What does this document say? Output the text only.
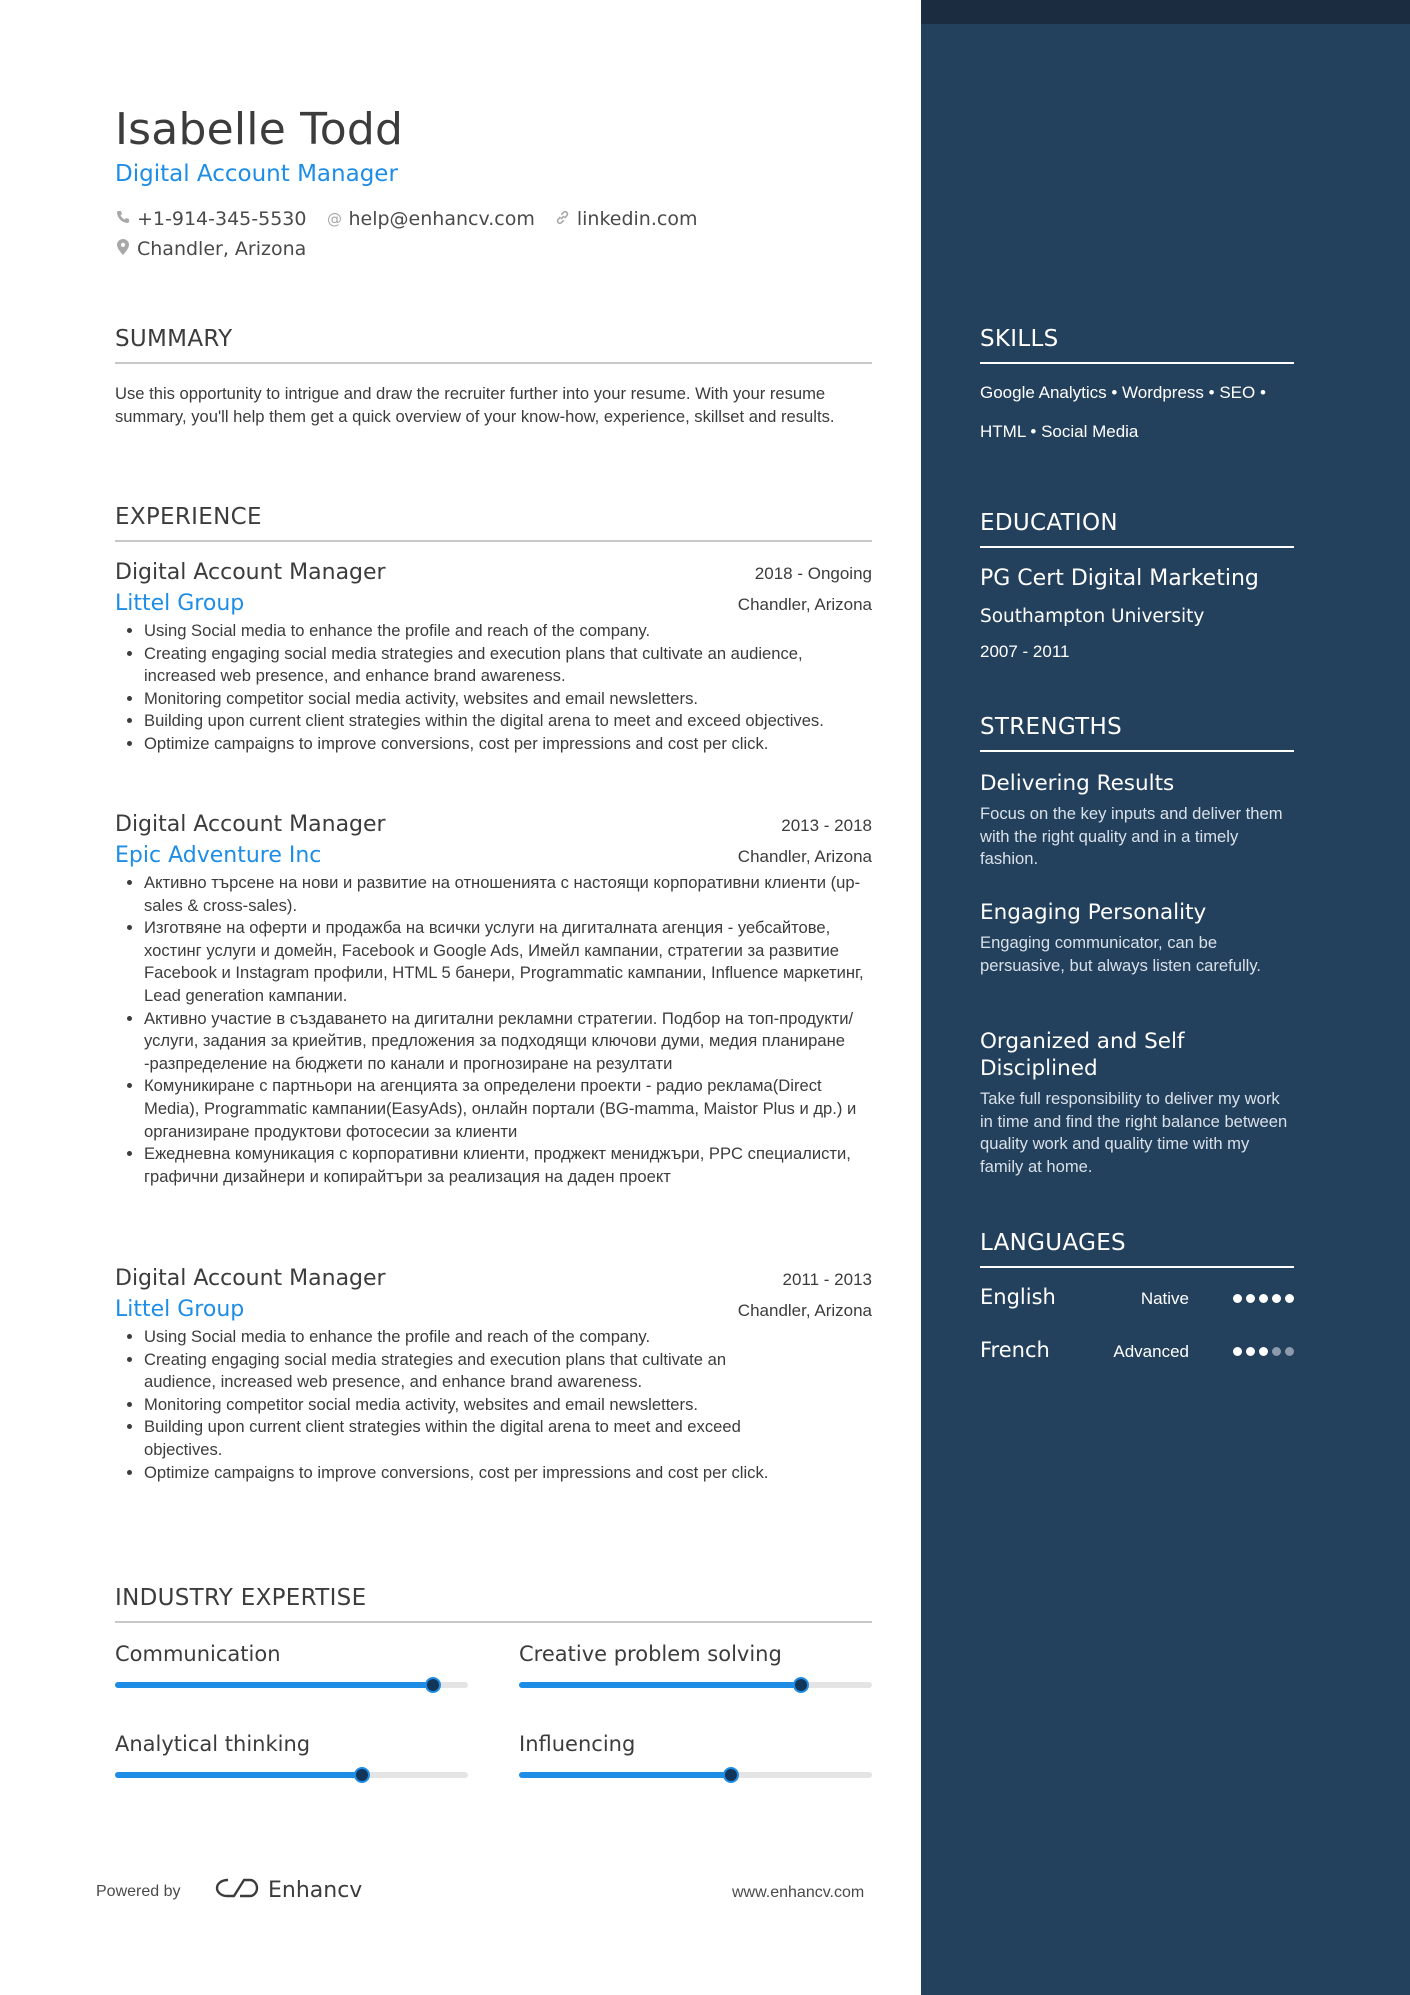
Isabelle Todd
Digital Account Manager
+1-914-345-5530 @ help@enhancv.com linkedin.com
Chandler, Arizona
SUMMARY
Use this opportunity to intrigue and draw the recruiter further into your resume. With your resume summary, you'll help them get a quick overview of your know-how, experience, skillset and results.
EXPERIENCE
Digital Account Manager	2018 - Ongoing
Littel Group	Chandler, Arizona
• Using Social media to enhance the profile and reach of the company.
• Creating engaging social media strategies and execution plans that cultivate an audience, increased web presence, and enhance brand awareness.
• Monitoring competitor social media activity, websites and email newsletters.
• Building upon current client strategies within the digital arena to meet and exceed objectives.
• Optimize campaigns to improve conversions, cost per impressions and cost per click.
Digital Account Manager	2013 - 2018
Epic Adventure Inc	Chandler, Arizona
• Активно търсене на нови и развитие на отношенията с настоящи корпоративни клиенти (up-sales & cross-sales).
• Изготвяне на оферти и продажба на всички услуги на дигиталната агенция - уебсайтове, хостинг услуги и домейн, Facebook и Google Ads, Имейл кампании, стратегии за развитие Facebook и Instagram профили, HTML 5 банери, Programmatic кампании, Influence маркетинг, Lead generation кампании.
• Активно участие в създаването на дигитални рекламни стратегии. Подбор на топ-продукти/услуги, задания за криейтив, предложения за подходящи ключови думи, медия планиране -разпределение на бюджети по канали и прогнозиране на резултати
• Комуникиране с партньори на агенцията за определени проекти - радио реклама(Direct Media), Programmatic кампании(EasyAds), онлайн портали (BG-mamma, Maistor Plus и др.) и организиране продуктови фотосесии за клиенти
• Ежедневна комуникация с корпоративни клиенти, проджект мениджъри, PPC специалисти, графични дизайнери и копирайтъри за реализация на даден проект
Digital Account Manager	2011 - 2013
Littel Group	Chandler, Arizona
• Using Social media to enhance the profile and reach of the company.
• Creating engaging social media strategies and execution plans that cultivate an audience, increased web presence, and enhance brand awareness.
• Monitoring competitor social media activity, websites and email newsletters.
• Building upon current client strategies within the digital arena to meet and exceed objectives.
• Optimize campaigns to improve conversions, cost per impressions and cost per click.
INDUSTRY EXPERTISE
Communication	Creative problem solving
Analytical thinking	Influencing
Powered by	Enhancv	www.enhancv.com
SKILLS
Google Analytics • Wordpress • SEO •
HTML • Social Media
EDUCATION
PG Cert Digital Marketing
Southampton University
2007 - 2011
STRENGTHS
Delivering Results
Focus on the key inputs and deliver them with the right quality and in a timely fashion.
Engaging Personality
Engaging communicator, can be persuasive, but always listen carefully.
Organized and Self Disciplined
Take full responsibility to deliver my work in time and find the right balance between quality work and quality time with my family at home.
LANGUAGES
English	Native
French	Advanced
